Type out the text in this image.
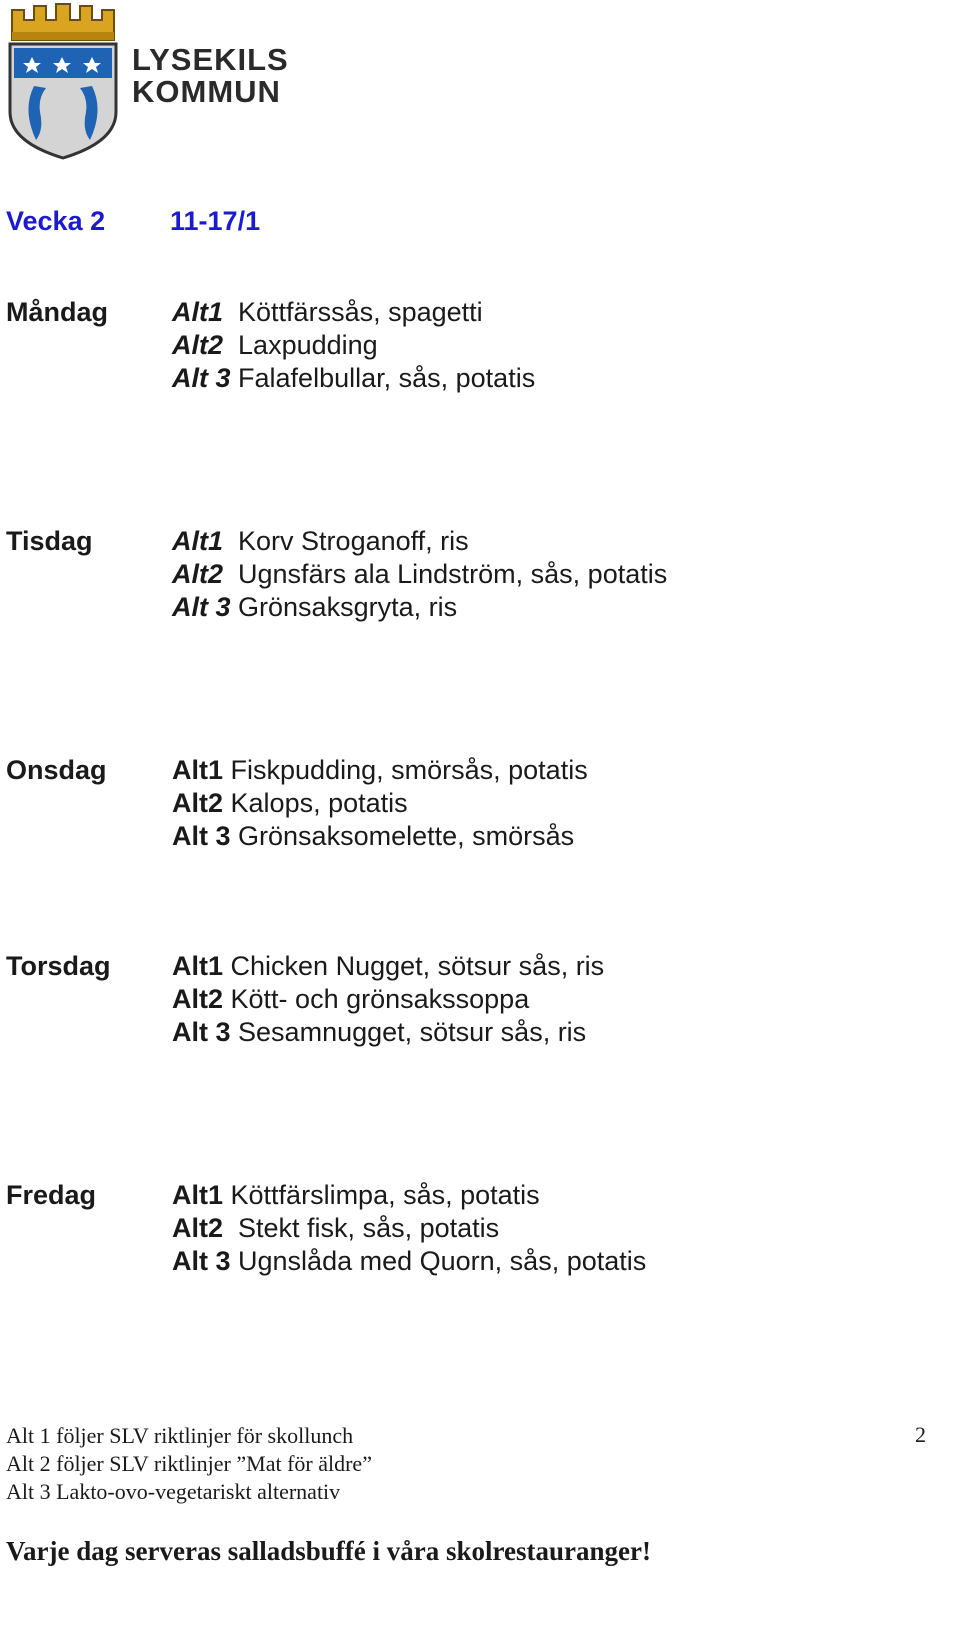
LYSEKILS
KOMMUN
Vecka 2 11-17/1
Måndag Alt1 Köttfärssås, spagetti
Alt2 Laxpudding
Alt 3 Falafelbullar, sås, potatis
Tisdag	Alt1 Korv Stroganoff, ris
Alt2 Ugnsfärs ala Lindström, sås, potatis
Alt 3 Grönsaksgryta, ris
Onsdag Alt1 Fiskpudding, smörsås, potatis
Alt2 Kalops, potatis
Alt 3 Grönsaksomelette, smörsås
Torsdag Alt1 Chicken Nugget, sötsur sås, ris
Alt2 Kött- och grönsakssoppa
Alt 3 Sesamnugget, sötsur sås, ris
Fredag	Alt1 Köttfärslimpa, sås, potatis
Alt2 Stekt fisk, sås, potatis
Alt 3 Ugnslåda med Quorn, sås, potatis
Alt 1 följer SLV riktlinjer för skollunch
Alt 2 följer SLV riktlinjer ”Mat för äldre”
Alt 3 Lakto-ovo-vegetariskt alternativ
2
Varje dag serveras salladsbuffé i våra skolrestauranger!
